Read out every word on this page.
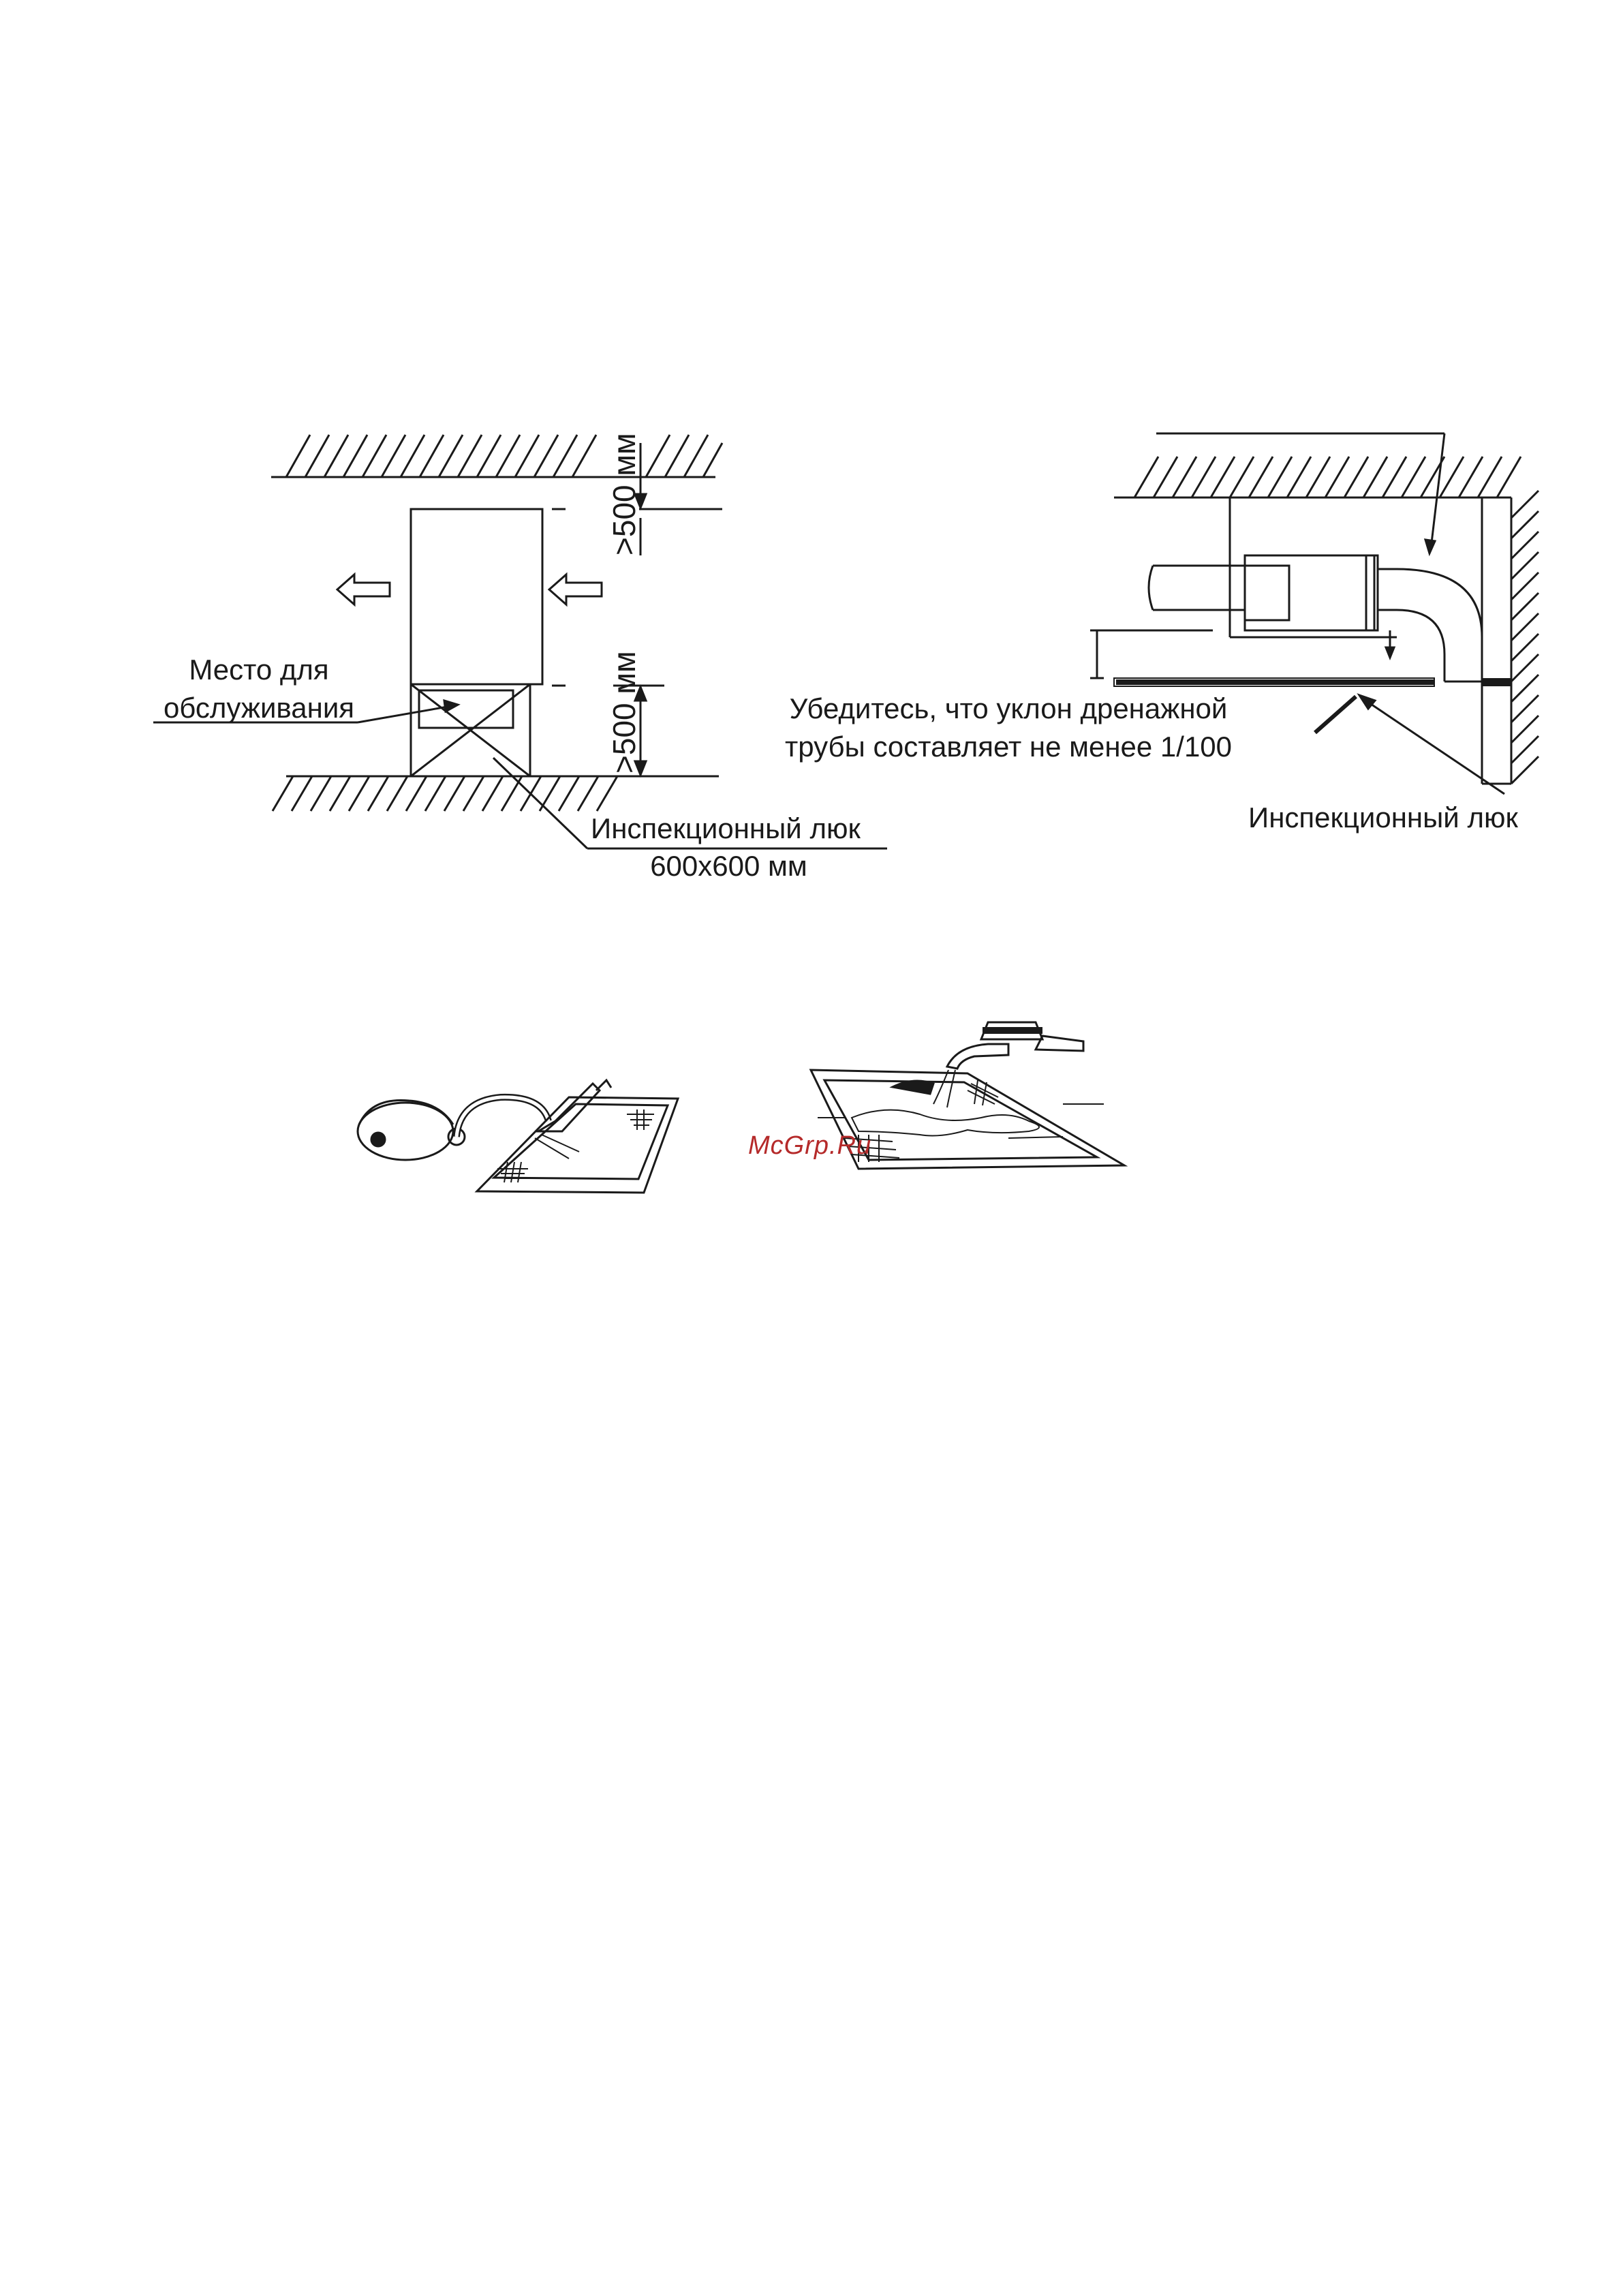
>500 мм
>500 мм
Место для
обслуживания
Инспекционный люк
600x600 мм
Убедитесь, что уклон дренажной
трубы составляет не менее 1/100
Инспекционный люк
McGrp.Ru
